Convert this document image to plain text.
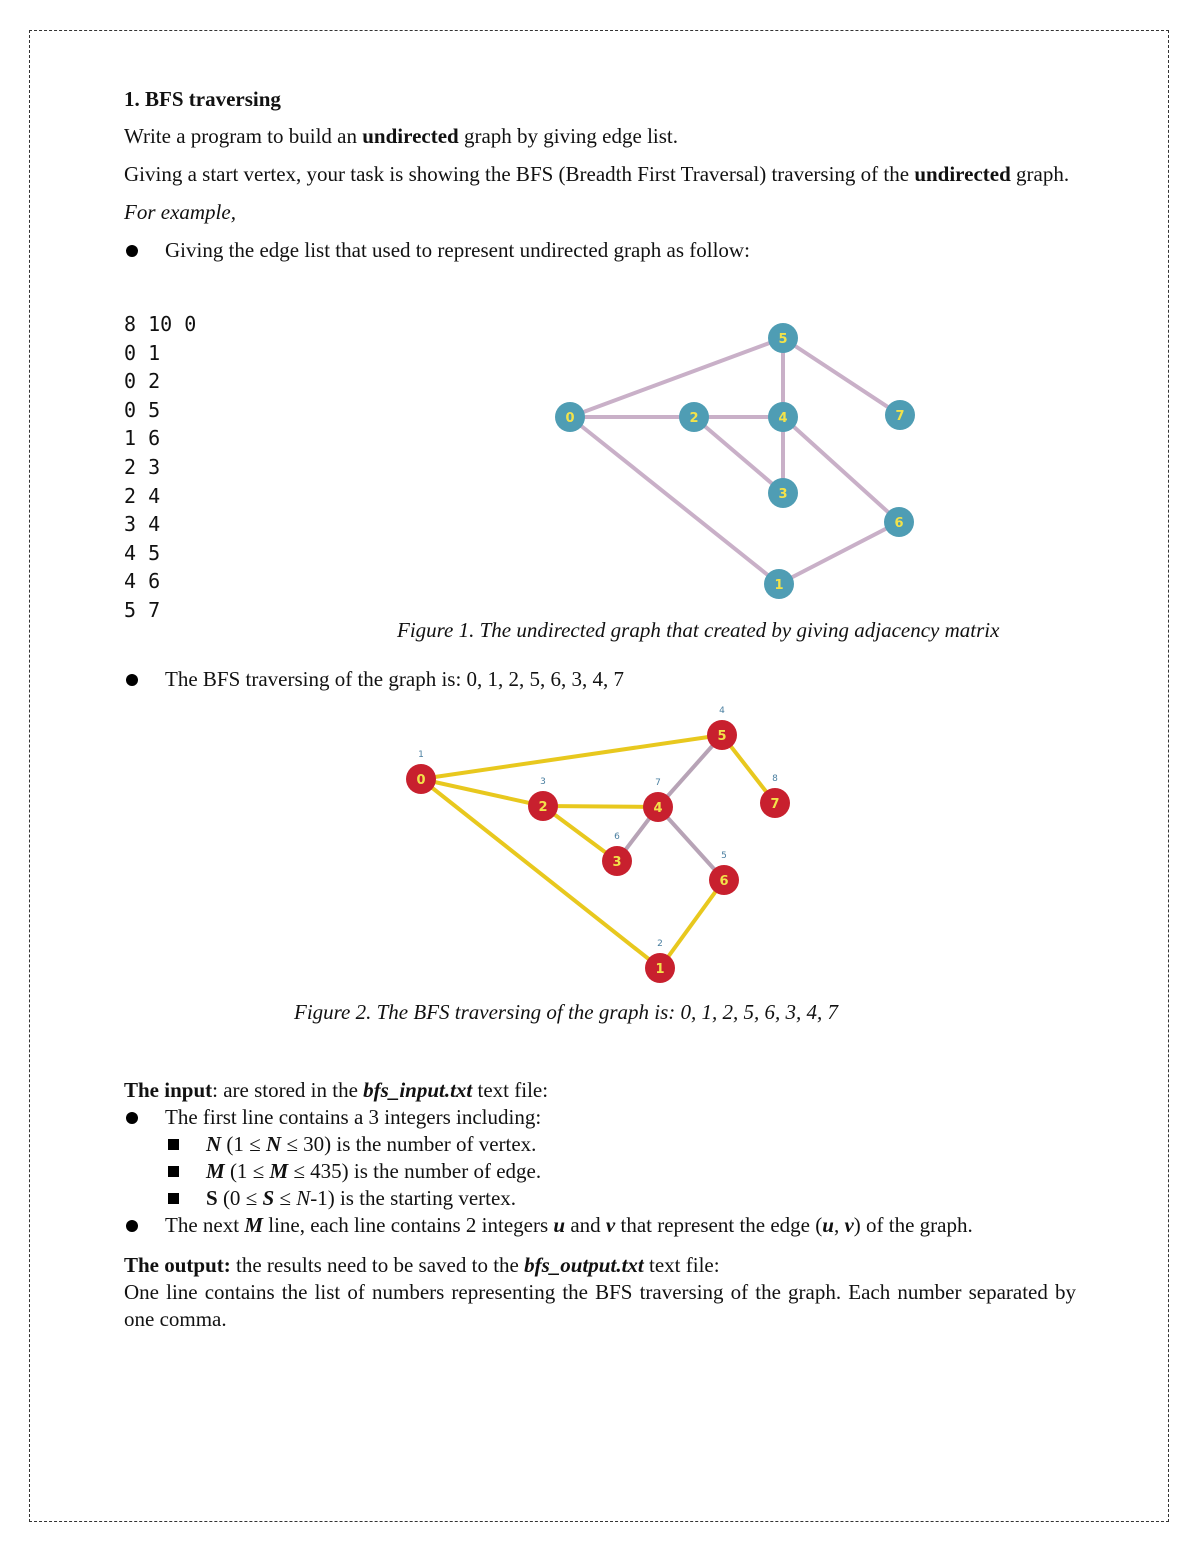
1. BFS traversing

Write a program to build an undirected graph by giving edge list.

Giving a start vertex, your task is showing the BFS (Breadth First Traversal) traversing of the undirected graph.

For example,

Giving the edge list that used to represent undirected graph as follow:
8 10 0
0 1
0 2
0 5
1 6
2 3
2 4
3 4
4 5
4 6
5 7
0
1
2
3
4
5
6
7
Figure 1. The undirected graph that created by giving adjacency matrix
The BFS traversing of the graph is: 0, 1, 2, 5, 6, 3, 4, 7
0
1
1
2
2
3
3
6
4
7
5
4
6
5
7
8
Figure 2. The BFS traversing of the graph is: 0, 1, 2, 5, 6, 3, 4, 7
The input: are stored in the bfs_input.txt text file:
The first line contains a 3 integers including:
N (1 ≤ N ≤ 30) is the number of vertex.
M (1 ≤ M ≤ 435) is the number of edge.
S (0 ≤ S ≤ N-1) is the starting vertex.
The next M line, each line contains 2 integers u and v that represent the edge (u, v) of the graph.
The output: the results need to be saved to the bfs_output.txt text file:
One line contains the list of numbers representing the BFS traversing of the graph. Each number separated by one comma.
